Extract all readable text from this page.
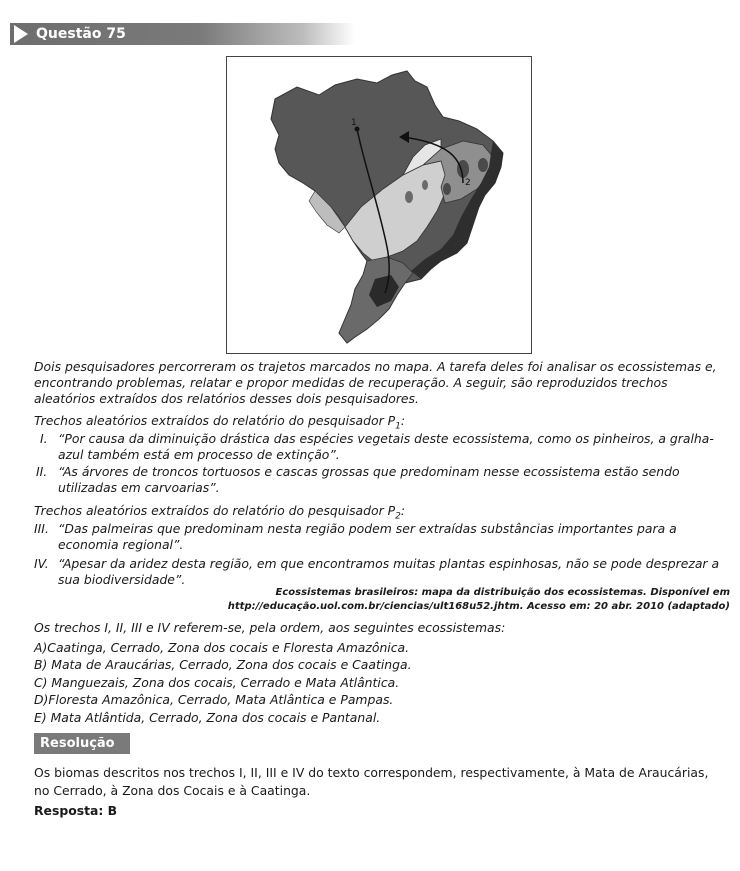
Questão 75
1
2
Dois pesquisadores percorreram os trajetos marcados no mapa. A tarefa deles foi analisar os ecossistemas e, encontrando problemas, relatar e propor medidas de recuperação. A seguir, são reproduzidos trechos aleatórios extraídos dos relatórios desses dois pesquisadores.
Trechos aleatórios extraídos do relatório do pesquisador $P_1$:
I. “Por causa da diminuição drástica das espécies vegetais deste ecossistema, como os pinheiros, a gralha-azul também está em processo de extinção”.
II. “As árvores de troncos tortuosos e cascas grossas que predominam nesse ecossistema estão sendo utilizadas em carvoarias”.
Trechos aleatórios extraídos do relatório do pesquisador $P_2$:
III. “Das palmeiras que predominam nesta região podem ser extraídas substâncias importantes para a economia regional”.
IV. “Apesar da aridez desta região, em que encontramos muitas plantas espinhosas, não se pode desprezar a sua biodiversidade”.
Ecossistemas brasileiros: mapa da distribuição dos ecossistemas. Disponível em
http://educação.uol.com.br/ciencias/ult168u52.jhtm. Acesso em: 20 abr. 2010 (adaptado)
Os trechos I, II, III e IV referem-se, pela ordem, aos seguintes ecossistemas:
A)Caatinga, Cerrado, Zona dos cocais e Floresta Amazônica.
B) Mata de Araucárias, Cerrado, Zona dos cocais e Caatinga.
C) Manguezais, Zona dos cocais, Cerrado e Mata Atlântica.
D)Floresta Amazônica, Cerrado, Mata Atlântica e Pampas.
E) Mata Atlântida, Cerrado, Zona dos cocais e Pantanal.
Resolução
Os biomas descritos nos trechos I, II, III e IV do texto correspondem, respectivamente, à Mata de Araucárias, no Cerrado, à Zona dos Cocais e à Caatinga.
Resposta: B
